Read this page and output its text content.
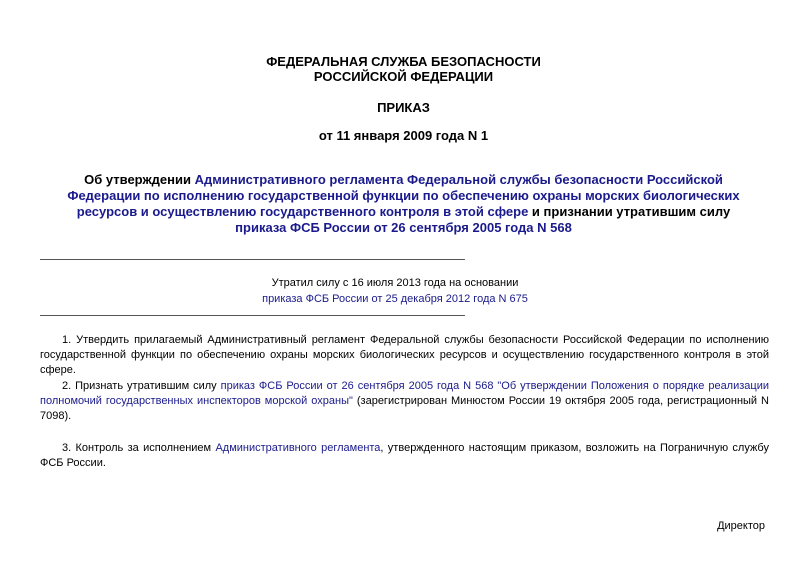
ФЕДЕРАЛЬНАЯ СЛУЖБА БЕЗОПАСНОСТИ
РОССИЙСКОЙ ФЕДЕРАЦИИ
ПРИКАЗ
от 11 января 2009 года N 1
Об утверждении Административного регламента Федеральной службы безопасности Российской Федерации по исполнению государственной функции по обеспечению охраны морских биологических ресурсов и осуществлению государственного контроля в этой сфере и признании утратившим силу приказа ФСБ России от 26 сентября 2005 года N 568
Утратил силу с 16 июля 2013 года на основании
приказа ФСБ России от 25 декабря 2012 года N 675
1. Утвердить прилагаемый Административный регламент Федеральной службы безопасности Российской Федерации по исполнению государственной функции по обеспечению охраны морских биологических ресурсов и осуществлению государственного контроля в этой сфере.
2. Признать утратившим силу приказ ФСБ России от 26 сентября 2005 года N 568 "Об утверждении Положения о порядке реализации полномочий государственных инспекторов морской охраны" (зарегистрирован Минюстом России 19 октября 2005 года, регистрационный N 7098).
3. Контроль за исполнением Административного регламента, утвержденного настоящим приказом, возложить на Пограничную службу ФСБ России.
Директор
